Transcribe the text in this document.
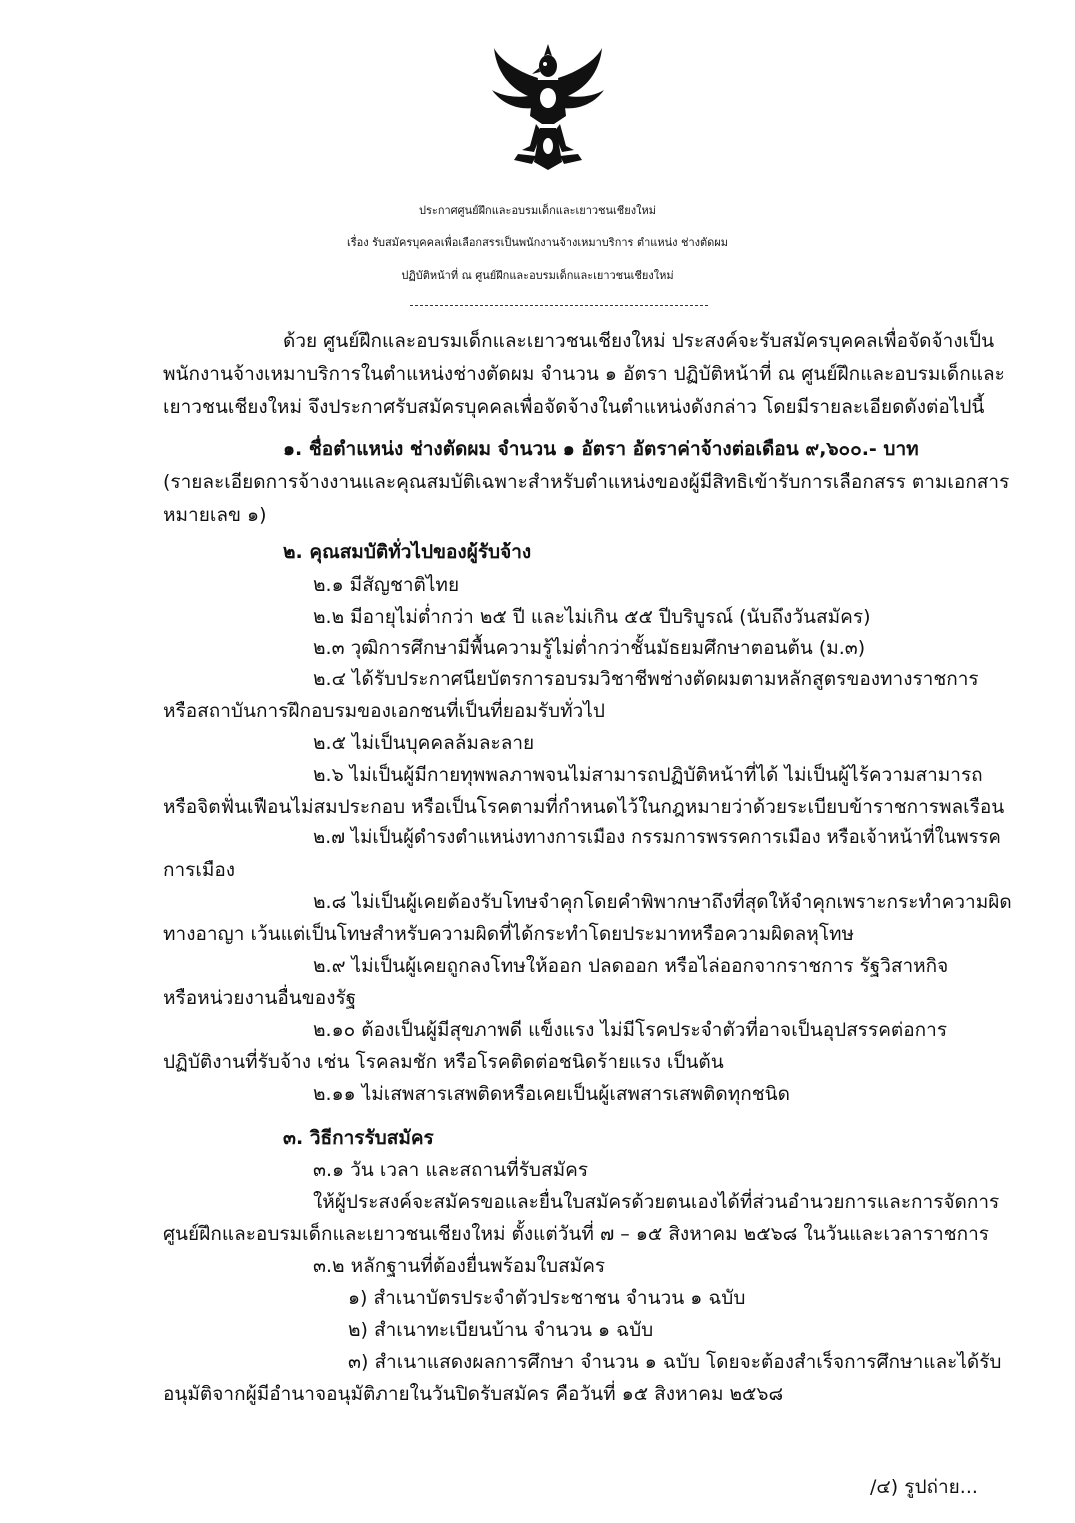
ประกาศศูนย์ฝึกและอบรมเด็กและเยาวชนเชียงใหม่

เรื่อง รับสมัครบุคคลเพื่อเลือกสรรเป็นพนักงานจ้างเหมาบริการ ตำแหน่ง ช่างตัดผม

ปฏิบัติหน้าที่ ณ ศูนย์ฝึกและอบรมเด็กและเยาวชนเชียงใหม่

ด้วย ศูนย์ฝึกและอบรมเด็กและเยาวชนเชียงใหม่ ประสงค์จะรับสมัครบุคคลเพื่อจัดจ้างเป็น

พนักงานจ้างเหมาบริการในตำแหน่งช่างตัดผม จำนวน ๑ อัตรา ปฏิบัติหน้าที่ ณ ศูนย์ฝึกและอบรมเด็กและ

เยาวชนเชียงใหม่ จึงประกาศรับสมัครบุคคลเพื่อจัดจ้างในตำแหน่งดังกล่าว โดยมีรายละเอียดดังต่อไปนี้

๑. ชื่อตำแหน่ง ช่างตัดผม จำนวน ๑ อัตรา อัตราค่าจ้างต่อเดือน ๙,๖๐๐.- บาท

(รายละเอียดการจ้างงานและคุณสมบัติเฉพาะสำหรับตำแหน่งของผู้มีสิทธิเข้ารับการเลือกสรร ตามเอกสาร

หมายเลข ๑)

๒. คุณสมบัติทั่วไปของผู้รับจ้าง

๒.๑ มีสัญชาติไทย

๒.๒ มีอายุไม่ต่ำกว่า ๒๕ ปี และไม่เกิน ๕๕ ปีบริบูรณ์ (นับถึงวันสมัคร)

๒.๓ วุฒิการศึกษามีพื้นความรู้ไม่ต่ำกว่าชั้นมัธยมศึกษาตอนต้น (ม.๓)

๒.๔ ได้รับประกาศนียบัตรการอบรมวิชาชีพช่างตัดผมตามหลักสูตรของทางราชการ

หรือสถาบันการฝึกอบรมของเอกชนที่เป็นที่ยอมรับทั่วไป

๒.๕ ไม่เป็นบุคคลล้มละลาย

๒.๖ ไม่เป็นผู้มีกายทุพพลภาพจนไม่สามารถปฏิบัติหน้าที่ได้ ไม่เป็นผู้ไร้ความสามารถ

หรือจิตฟั่นเฟือนไม่สมประกอบ หรือเป็นโรคตามที่กำหนดไว้ในกฎหมายว่าด้วยระเบียบข้าราชการพลเรือน

๒.๗ ไม่เป็นผู้ดำรงตำแหน่งทางการเมือง กรรมการพรรคการเมือง หรือเจ้าหน้าที่ในพรรค

การเมือง

๒.๘ ไม่เป็นผู้เคยต้องรับโทษจำคุกโดยคำพิพากษาถึงที่สุดให้จำคุกเพราะกระทำความผิด

ทางอาญา เว้นแต่เป็นโทษสำหรับความผิดที่ได้กระทำโดยประมาทหรือความผิดลหุโทษ

๒.๙ ไม่เป็นผู้เคยถูกลงโทษให้ออก ปลดออก หรือไล่ออกจากราชการ รัฐวิสาหกิจ

หรือหน่วยงานอื่นของรัฐ

๒.๑๐ ต้องเป็นผู้มีสุขภาพดี แข็งแรง ไม่มีโรคประจำตัวที่อาจเป็นอุปสรรคต่อการ

ปฏิบัติงานที่รับจ้าง เช่น โรคลมชัก หรือโรคติดต่อชนิดร้ายแรง เป็นต้น

๒.๑๑ ไม่เสพสารเสพติดหรือเคยเป็นผู้เสพสารเสพติดทุกชนิด

๓. วิธีการรับสมัคร

๓.๑ วัน เวลา และสถานที่รับสมัคร

ให้ผู้ประสงค์จะสมัครขอและยื่นใบสมัครด้วยตนเองได้ที่ส่วนอำนวยการและการจัดการ

ศูนย์ฝึกและอบรมเด็กและเยาวชนเชียงใหม่ ตั้งแต่วันที่ ๗ – ๑๕ สิงหาคม ๒๕๖๘ ในวันและเวลาราชการ

๓.๒ หลักฐานที่ต้องยื่นพร้อมใบสมัคร

๑) สำเนาบัตรประจำตัวประชาชน จำนวน ๑ ฉบับ

๒) สำเนาทะเบียนบ้าน จำนวน ๑ ฉบับ

๓) สำเนาแสดงผลการศึกษา จำนวน ๑ ฉบับ โดยจะต้องสำเร็จการศึกษาและได้รับ

อนุมัติจากผู้มีอำนาจอนุมัติภายในวันปิดรับสมัคร คือวันที่ ๑๕ สิงหาคม ๒๕๖๘

/๔) รูปถ่าย...
